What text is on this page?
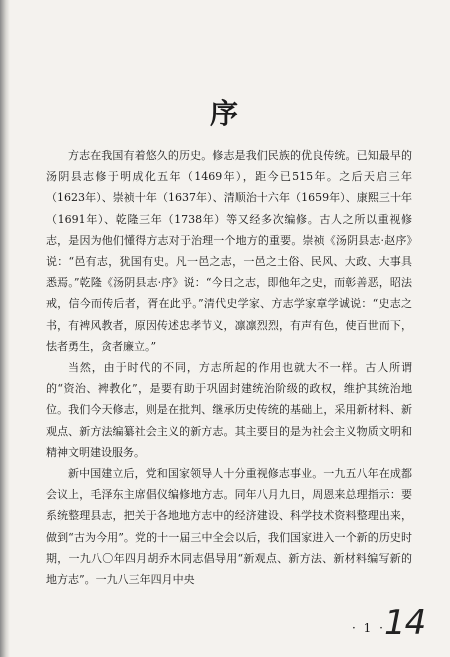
序

方志在我国有着悠久的历史。修志是我们民族的优良传统。已知最早的汤阴县志修于明成化五年（1469年），距今已515年。之后天启三年（1623年）、崇祯十年（1637年）、清顺治十六年（1659年）、康熙三十年（1691年）、乾隆三年（1738年）等又经多次编修。古人之所以重视修志，是因为他们懂得方志对于治理一个地方的重要。崇祯《汤阴县志·赵序》说：“邑有志，犹国有史。凡一邑之志，一邑之土俗、民风、大政、大事具悉焉。”乾隆《汤阴县志·序》说：“今日之志，即他年之史，而彰善恶，昭法戒，信今而传后者，胥在此乎。”清代史学家、方志学家章学诚说：“史志之书，有裨风教者，原因传述忠孝节义，凛凛烈烈，有声有色，使百世而下，怯者勇生，贪者廉立。”

当然，由于时代的不同，方志所起的作用也就大不一样。古人所谓的“资治、裨教化”，是要有助于巩固封建统治阶级的政权，维护其统治地位。我们今天修志，则是在批判、继承历史传统的基础上，采用新材料、新观点、新方法编纂社会主义的新方志。其主要目的是为社会主义物质文明和精神文明建设服务。

新中国建立后，党和国家领导人十分重视修志事业。一九五八年在成都会议上，毛泽东主席倡仪编修地方志。同年八月九日，周恩来总理指示：要系统整理县志，把关于各地地方志中的经济建设、科学技术资料整理出来，做到“古为今用”。党的十一届三中全会以后，我们国家进入一个新的历史时期，一九八〇年四月胡乔木同志倡导用“新观点、新方法、新材料编写新的地方志”。一九八三年四月中央

· 1 · 14
